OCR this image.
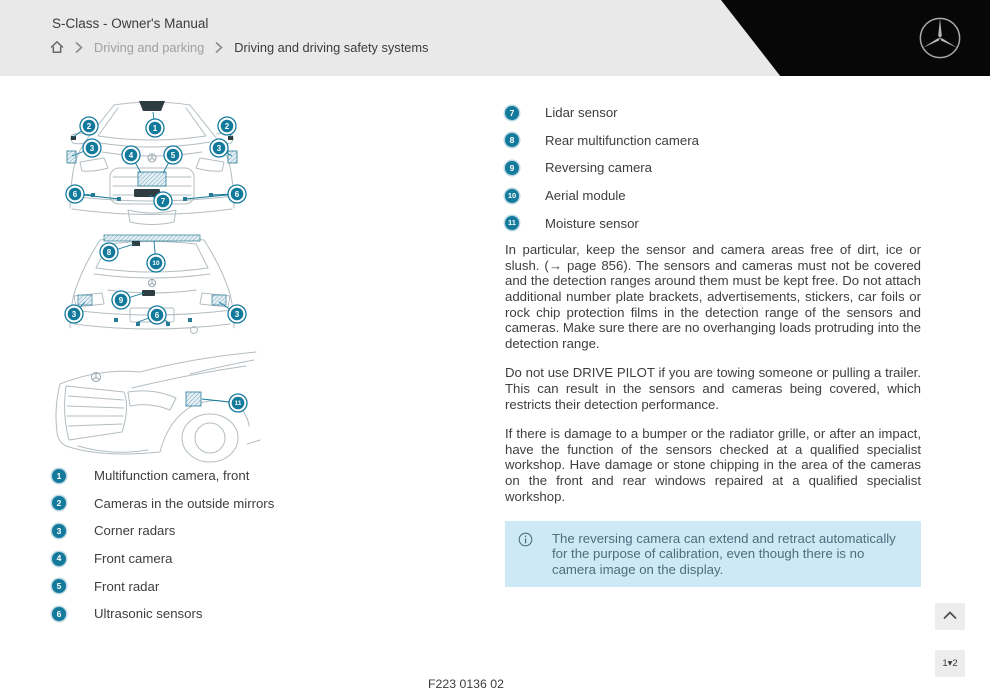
S-Class - Owner's Manual
Driving and parking Driving and driving safety systems
1
2	2
3	3
4	5
6	6
7
8
10
9
6
3	3
11
1	Multifunction camera, front
2	Cameras in the outside mirrors
3	Corner radars
4	Front camera
5	Front radar
6	Ultrasonic sensors
7	Lidar sensor
8	Rear multifunction camera
9	Reversing camera
10 Aerial module
11 Moisture sensor

In particular, keep the sensor and camera areas free of dirt, ice or slush. (→ page 856). The sensors and cameras must not be covered and the detection ranges around them must be kept free. Do not attach additional number plate brackets, advertisements, stickers, car foils or rock chip protection films in the detection range of the sensors and cameras. Make sure there are no overhanging loads protruding into the detection range.

Do not use DRIVE PILOT if you are towing someone or pulling a trailer. This can result in the sensors and cameras being covered, which restricts their detection performance.

If there is damage to a bumper or the radiator grille, or after an impact, have the function of the sensors checked at a qualified specialist workshop. Have damage or stone chipping in the area of the cameras on the front and rear windows repaired at a qualified specialist workshop.

The reversing camera can extend and retract automatically for the purpose of calibration, even though there is no camera image on the display.
F223 0136 02
1▾2
